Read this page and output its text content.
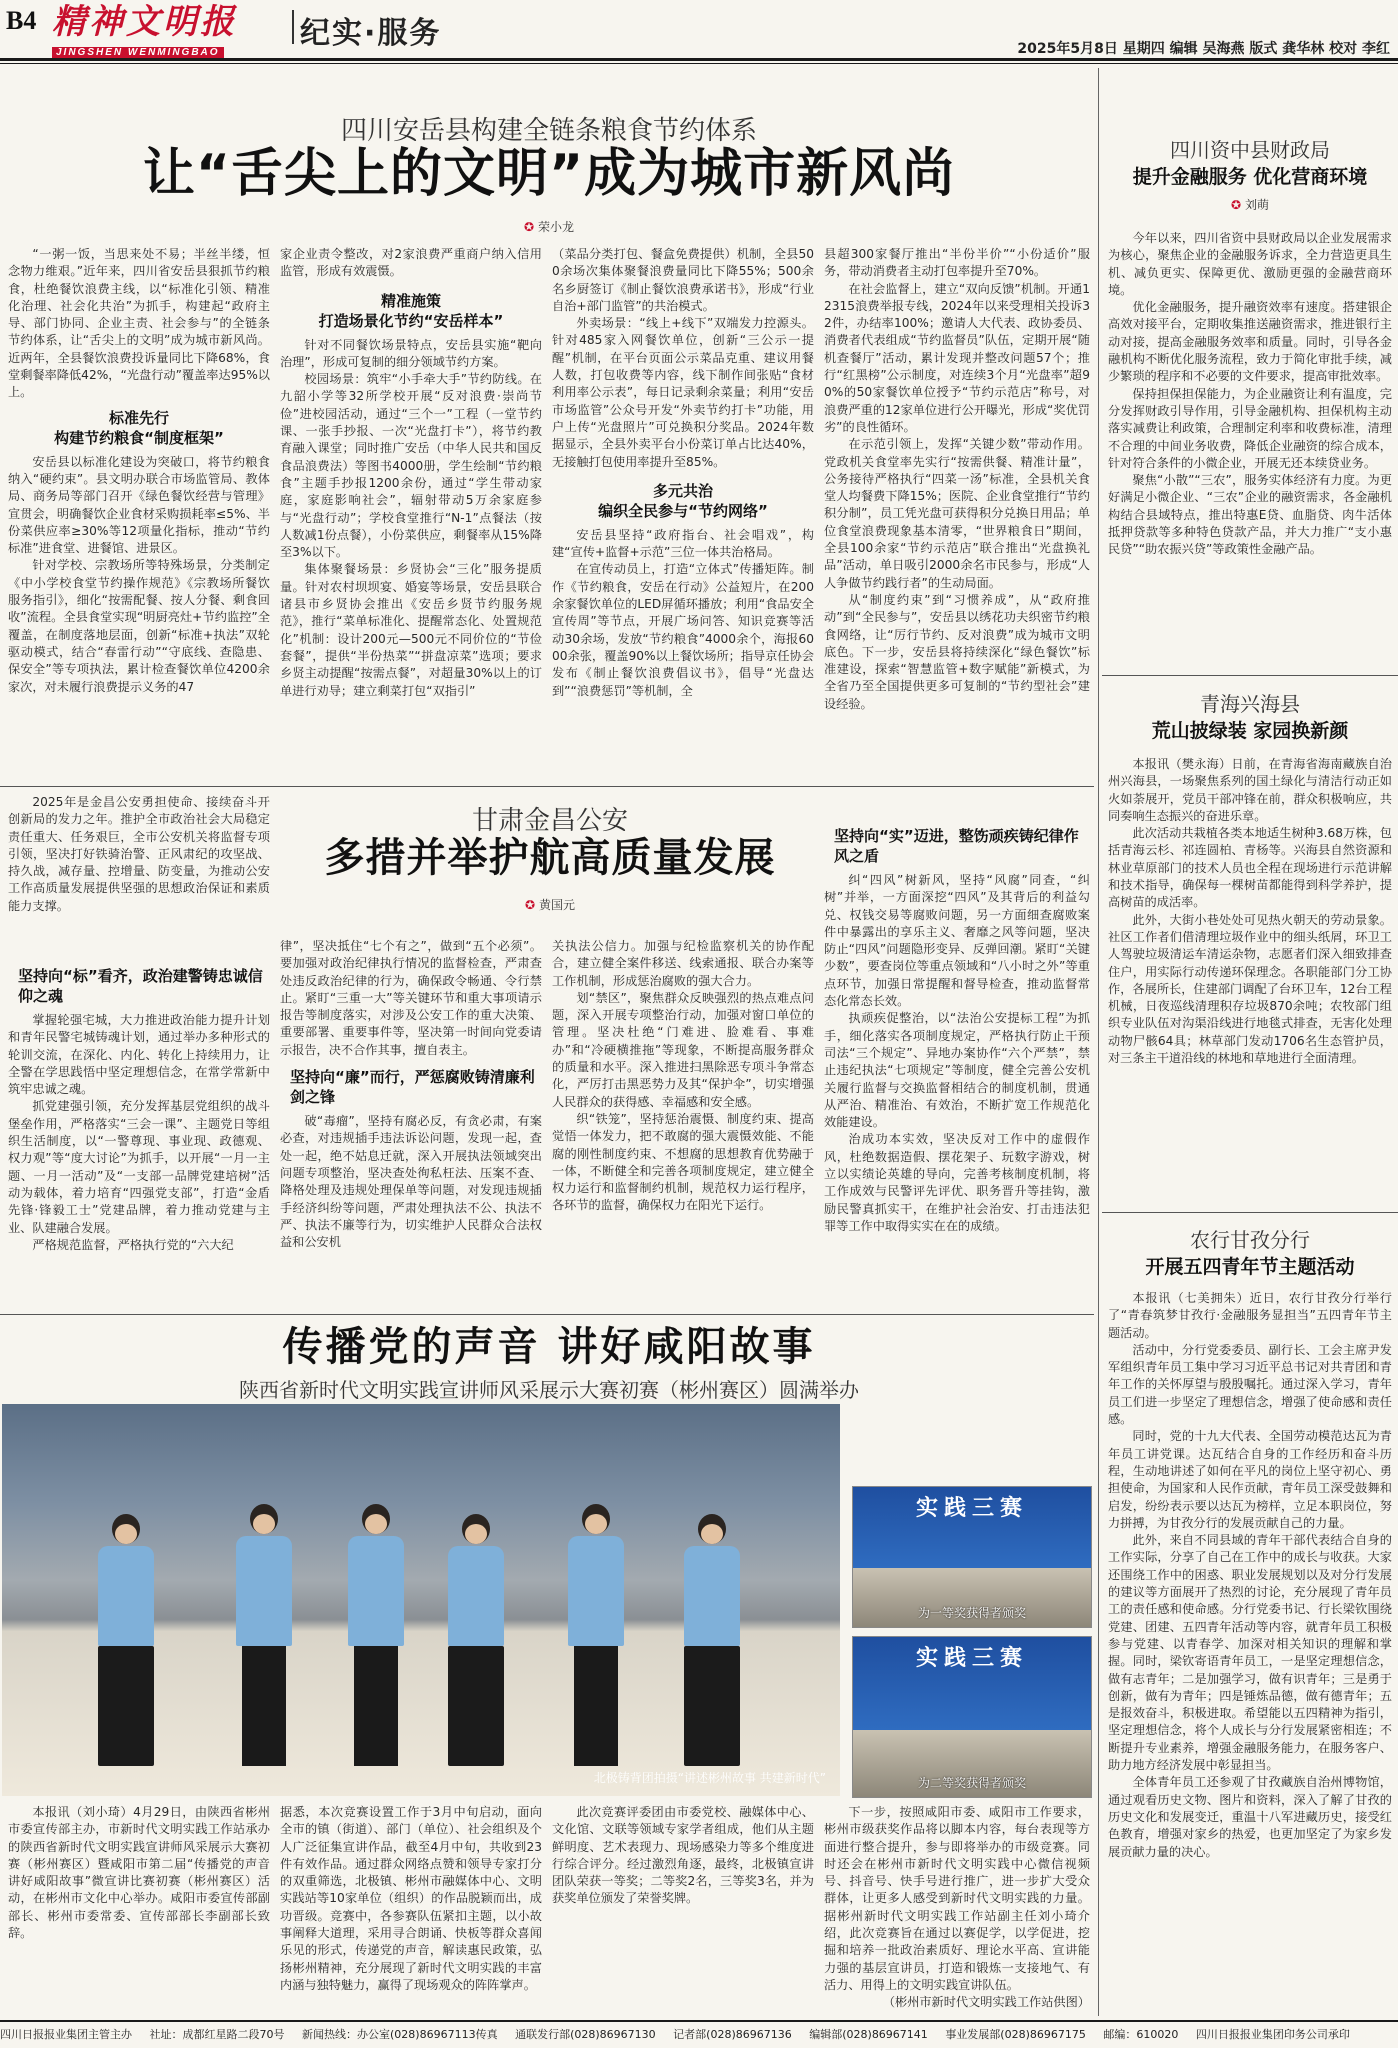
B4 精神文明报
JINGSHEN WENMINGBAO
纪实·服务	2025年5月8日 星期四 编辑 吴海燕 版式 龚华林 校对 李红
四川安岳县构建全链条粮食节约体系
让“舌尖上的文明”成为城市新风尚
✪ 荣小龙

“一粥一饭，当思来处不易；半丝半缕，恒念物力维艰。”近年来，四川省安岳县狠抓节约粮食，杜绝餐饮浪费主线，以“标准化引领、精准化治理、社会化共治”为抓手，构建起“政府主导、部门协同、企业主责、社会参与”的全链条节约体系，让“舌尖上的文明”成为城市新风尚。近两年，全县餐饮浪费投诉量同比下降68%，食堂剩餐率降低42%，“光盘行动”覆盖率达95%以上。

标准先行
构建节约粮食“制度框架”

安岳县以标准化建设为突破口，将节约粮食纳入“硬约束”。县文明办联合市场监管局、教体局、商务局等部门召开《绿色餐饮经营与管理》宣贯会，明确餐饮企业食材采购损耗率≤5%、半份菜供应率≥30%等12项量化指标，推动“节约标准”进食堂、进餐馆、进景区。

针对学校、宗教场所等特殊场景，分类制定《中小学校食堂节约操作规范》《宗教场所餐饮服务指引》，细化“按需配餐、按人分餐、剩食回收”流程。全县食堂实现“明厨亮灶+节约监控”全覆盖，在制度落地层面，创新“标准+执法”双轮驱动模式，结合“春雷行动”“守底线、查隐患、保安全”等专项执法，累计检查餐饮单位4200余家次，对未履行浪费提示义务的47

家企业责令整改，对2家浪费严重商户纳入信用监管，形成有效震慑。

精准施策
打造场景化节约“安岳样本”

针对不同餐饮场景特点，安岳县实施“靶向治理”，形成可复制的细分领域节约方案。

校园场景：筑牢“小手牵大手”节约防线。在九韶小学等32所学校开展“反对浪费·崇尚节俭”进校园活动，通过“三个一”工程（一堂节约课、一张手抄报、一次“光盘打卡”），将节约教育融入课堂；同时推广安岳（中华人民共和国反食品浪费法）等图书4000册，学生绘制“节约粮食”主题手抄报1200余份，通过“学生带动家庭，家庭影响社会”，辐射带动5万余家庭参与“光盘行动”；学校食堂推行“N-1”点餐法（按人数减1份点餐），小份菜供应，剩餐率从15%降至3%以下。

集体聚餐场景：乡贤协会“三化”服务提质量。针对农村坝坝宴、婚宴等场景，安岳县联合诸县市乡贤协会推出《安岳乡贤节约服务规范》，推行“菜单标准化、提醒常态化、处置规范化”机制：设计200元—500元不同价位的“节俭套餐”，提供“半份热菜”“拼盘凉菜”选项；要求乡贤主动提醒“按需点餐”，对超量30%以上的订单进行劝导；建立剩菜打包“双指引”

（菜品分类打包、餐盒免费提供）机制，全县500余场次集体聚餐浪费量同比下降55%；500余名乡厨签订《制止餐饮浪费承诺书》，形成“行业自治+部门监管”的共治模式。

外卖场景：“线上+线下”双端发力控源头。针对485家入网餐饮单位，创新“三公示一提醒”机制，在平台页面公示菜品克重、建议用餐人数，打包收费等内容，线下制作间张贴“食材利用率公示表”，每日记录剩余菜量；利用“安岳市场监管”公众号开发“外卖节约打卡”功能，用户上传“光盘照片”可兑换积分奖品。2024年数据显示，全县外卖平台小份菜订单占比达40%，无接触打包使用率提升至85%。

多元共治
编织全民参与“节约网络”

安岳县坚持“政府指台、社会唱戏”，构建“宣传+监督+示范”三位一体共治格局。

在宣传动员上，打造“立体式”传播矩阵。制作《节约粮食，安岳在行动》公益短片，在200余家餐饮单位的LED屏循环播放；利用“食品安全宣传周”等节点，开展广场问答、知识竞赛等活动30余场，发放“节约粮食”4000余个，海报6000余张，覆盖90%以上餐饮场所；指导京任协会发布《制止餐饮浪费倡议书》，倡导“光盘达到”“浪费惩罚”等机制，全

县超300家餐厅推出“半份半价”“小份适价”服务，带动消费者主动打包率提升至70%。

在社会监督上，建立“双向反馈”机制。开通12315浪费举报专线，2024年以来受理相关投诉32件，办结率100%；邀请人大代表、政协委员、消费者代表组成“节约监督员”队伍，定期开展“随机查餐厅”活动，累计发现并整改问题57个；推行“红黑榜”公示制度，对连续3个月“光盘率”超90%的50家餐饮单位授予“节约示范店”称号，对浪费严重的12家单位进行公开曝光，形成“奖优罚劣”的良性循环。

在示范引领上，发挥“关键少数”带动作用。党政机关食堂率先实行“按需供餐、精准计量”，公务接待严格执行“四菜一汤”标准，全县机关食堂人均餐费下降15%；医院、企业食堂推行“节约积分制”，员工凭光盘可获得积分兑换日用品；单位食堂浪费现象基本清零，“世界粮食日”期间，全县100余家“节约示范店”联合推出“光盘换礼品”活动，单日吸引2000余名市民参与，形成“人人争做节约践行者”的生动局面。

从“制度约束”到“习惯养成”，从“政府推动”到“全民参与”，安岳县以绣花功夫织密节约粮食网络，让“厉行节约、反对浪费”成为城市文明底色。下一步，安岳县将持续深化“绿色餐饮”标准建设，探索“智慧监管+数字赋能”新模式，为全省乃至全国提供更多可复制的“节约型社会”建设经验。

四川资中县财政局
提升金融服务 优化营商环境
✪ 刘萌

今年以来，四川省资中县财政局以企业发展需求为核心，聚焦企业的金融服务诉求，全力营造更具生机、减负更实、保障更优、激励更强的金融营商环境。

优化金融服务，提升融资效率有速度。搭建银企高效对接平台，定期收集推送融资需求，推进银行主动对接，提高金融服务效率和质量。同时，引导各金融机构不断优化服务流程，致力于简化审批手续，减少繁琐的程序和不必要的文件要求，提高审批效率。

保持担保担保能力，为企业融资让利有温度，完分发挥财政引导作用，引导金融机构、担保机构主动落实减费让利政策，合理制定利率和收费标准，清理不合理的中间业务收费，降低企业融资的综合成本，针对符合条件的小微企业，开展无还本续贷业务。

聚焦“小散”“三农”，服务实体经济有力度。为更好满足小微企业、“三农”企业的融资需求，各金融机构结合县域特点，推出特惠E贷、血脂贷、肉牛活体抵押贷款等多种特色贷款产品，并大力推广“支小惠民贷”“助农振兴贷”等政策性金融产品。

青海兴海县
荒山披绿装 家园换新颜

本报讯（樊永海）日前，在青海省海南藏族自治州兴海县，一场聚焦系列的国土绿化与清洁行动正如火如荼展开，党员干部冲锋在前，群众积极响应，共同奏响生态振兴的奋进乐章。

此次活动共栽植各类本地适生树种3.68万株，包括青海云杉、祁连圆柏、青杨等。兴海县自然资源和林业草原部门的技术人员也全程在现场进行示范讲解和技术指导，确保每一棵树苗都能得到科学养护，提高树苗的成活率。

此外，大街小巷处处可见热火朝天的劳动景象。社区工作者们借清理垃圾作业中的细头纸屑，环卫工人驾驶垃圾清运车清运杂物，志愿者们深入细致排查住户，用实际行动传递环保理念。各职能部门分工协作，各展所长，住建部门调配了台环卫车，12台工程机械，日夜巡线清理积存垃圾870余吨；农牧部门组织专业队伍对沟渠沿线进行地毯式排查，无害化处理动物尸骸64具；林草部门发动1706名生态管护员，对三条主干道沿线的林地和草地进行全面清理。

农行甘孜分行
开展五四青年节主题活动

本报讯（七美拥朱）近日，农行甘孜分行举行了“青春筑梦甘孜行·金融服务显担当”五四青年节主题活动。

活动中，分行党委委员、副行长、工会主席尹发军组织青年员工集中学习习近平总书记对共青团和青年工作的关怀厚望与殷殷嘱托。通过深入学习，青年员工们进一步坚定了理想信念，增强了使命感和责任感。

同时，党的十九大代表、全国劳动模范达瓦为青年员工讲党课。达瓦结合自身的工作经历和奋斗历程，生动地讲述了如何在平凡的岗位上坚守初心、勇担使命，为国家和人民作贡献，青年员工深受鼓舞和启发，纷纷表示要以达瓦为榜样，立足本职岗位，努力拼搏，为甘孜分行的发展贡献自己的力量。

此外，来自不同县域的青年干部代表结合自身的工作实际，分享了自己在工作中的成长与收获。大家还围绕工作中的困惑、职业发展规划以及对分行发展的建议等方面展开了热烈的讨论，充分展现了青年员工的责任感和使命感。分行党委书记、行长梁钦围绕党建、团建、五四青年活动等内容，就青年员工积极参与党建、以青春学、加深对相关知识的理解和掌握。同时，梁钦寄语青年员工，一是坚定理想信念，做有志青年；二是加强学习，做有识青年；三是勇于创新，做有为青年；四是锤炼品德，做有德青年；五是报效奋斗，积极进取。希望能以五四精神为指引，坚定理想信念，将个人成长与分行发展紧密相连；不断提升专业素养，增强金融服务能力，在服务客户、助力地方经济发展中彰显担当。

全体青年员工还参观了甘孜藏族自治州博物馆，通过观看历史文物、图片和资料，深入了解了甘孜的历史文化和发展变迁，重温十八军进藏历史，接受红色教育，增强对家乡的热爱，也更加坚定了为家乡发展贡献力量的决心。

2025年是金昌公安勇担使命、接续奋斗开创新局的发力之年。推护全市政治社会大局稳定责任重大、任务艰巨，全市公安机关将监督专项引领，坚决打好铁骑治警、正风肃纪的攻坚战、持久战，减存量、控增量、防变量，为推动公安工作高质量发展提供坚强的思想政治保证和素质能力支撑。

甘肃金昌公安
多措并举护航高质量发展
✪ 黄国元
坚持向“标”看齐，政治建警铸忠诚信仰之魂

掌握轮强宅城，大力推进政治能力提升计划和青年民警宅城铸魂计划，通过举办多种形式的轮训交流，在深化、内化、转化上持续用力，让全警在学思践悟中坚定理想信念，在常学常新中筑牢忠诚之魂。

抓党建强引领，充分发挥基层党组织的战斗堡垒作用，严格落实“三会一课”、主题党日等组织生活制度，以“一警尊现、事业现、政德观、权力观”等“度大讨论”为抓手，以开展“一月一主题、一月一活动”及“一支部一品牌党建培树”活动为载体，着力培育“四强党支部”，打造“金盾先锋·锋毅工士”党建品牌，着力推动党建与主业、队建融合发展。

严格规范监督，严格执行党的“六大纪

律”，坚决抵住“七个有之”，做到“五个必须”。要加强对政治纪律执行情况的监督检查，严肃查处违反政治纪律的行为，确保政令畅通、令行禁止。紧盯“三重一大”等关键环节和重大事项请示报告等制度落实，对涉及公安工作的重大决策、重要部署、重要事件等，坚决第一时间向党委请示报告，决不合作其事，擅自表主。

坚持向“廉”而行，严惩腐败铸清廉利剑之锋

破“毒瘤”，坚持有腐必反，有贪必肃，有案必查，对违规插手违法诉讼问题，发现一起，查处一起，绝不姑息迁就，深入开展执法领域突出问题专项整治，坚决查处徇私枉法、压案不查、降格处理及违规处理保单等问题，对发现违规插手经济纠纷等问题，严肃处理执法不公、执法不严、执法不廉等行为，切实维护人民群众合法权益和公安机

关执法公信力。加强与纪检监察机关的协作配合，建立健全案件移送、线索通报、联合办案等工作机制，形成惩治腐败的强大合力。

划“禁区”，聚焦群众反映强烈的热点难点问题，深入开展专项整治行动，加强对窗口单位的管理。坚决杜绝“门难进、脸难看、事难办”和“冷硬横推拖”等现象，不断提高服务群众的质量和水平。深入推进扫黑除恶专项斗争常态化，严厉打击黑恶势力及其“保护伞”，切实增强人民群众的获得感、幸福感和安全感。

织“铁笼”，坚持惩治震慑、制度约束、提高觉悟一体发力，把不敢腐的强大震慑效能、不能腐的刚性制度约束、不想腐的思想教育优势融于一体，不断健全和完善各项制度规定，建立健全权力运行和监督制约机制，规范权力运行程序，各环节的监督，确保权力在阳光下运行。

坚持向“实”迈进，整饬顽疾铸纪律作风之盾

纠“四风”树新风，坚持“风腐”同查，“纠树”并举，一方面深挖“四风”及其背后的利益勾兑、权钱交易等腐败问题，另一方面细查腐败案件中暴露出的享乐主义、奢靡之风等问题，坚决防止“四风”问题隐形变异、反弹回潮。紧盯“关键少数”，要查岗位等重点领域和“八小时之外”等重点环节，加强日常提醒和督导检查，推动监督常态化常态长效。

执顽疾促整治，以“法治公安提标工程”为抓手，细化落实各项制度规定，严格执行防止干预司法“三个规定”、异地办案协作“六个严禁”，禁止违纪执法“七项规定”等制度，健全完善公安机关履行监督与交换监督相结合的制度机制，贯通从严治、精准治、有效治，不断扩宽工作规范化效能建设。

治成功本实效，坚决反对工作中的虚假作风，杜绝数据造假、摆花架子、玩数字游戏，树立以实绩论英雄的导向，完善考核制度机制，将工作成效与民警评先评优、职务晋升等挂钩，激励民警真抓实干，在维护社会治安、打击违法犯罪等工作中取得实实在在的成绩。

传播党的声音 讲好咸阳故事
陕西省新时代文明实践宣讲师风采展示大赛初赛（彬州赛区）圆满举办
北极铸背团拍摄“讲述彬州故事 共建新时代”
实践三赛
为一等奖获得者颁奖
实践三赛
为二等奖获得者颁奖

本报讯（刘小琦）4月29日，由陕西省彬州市委宣传部主办，市新时代文明实践工作站承办的陕西省新时代文明实践宣讲师风采展示大赛初赛（彬州赛区）暨咸阳市第二届“传播党的声音 讲好咸阳故事”微宣讲比赛初赛（彬州赛区）活动，在彬州市文化中心举办。咸阳市委宣传部副部长、彬州市委常委、宣传部部长李副部长致辞。

据悉，本次竞赛设置工作于3月中旬启动，面向全市的镇（街道）、部门（单位）、社会组织及个人广泛征集宣讲作品，截至4月中旬，共收到23件有效作品。通过群众网络点赞和领导专家打分的双重筛选，北极镇、彬州市融媒体中心、文明实践站等10家单位（组织）的作品脱颖而出，成功晋级。竞赛中，各参赛队伍紧扣主题，以小故事阐释大道理，采用寻合朗诵、快板等群众喜闻乐见的形式，传递党的声音，解读惠民政策，弘扬彬州精神，充分展现了新时代文明实践的丰富内涵与独特魅力，赢得了现场观众的阵阵掌声。

此次竞赛评委团由市委党校、融媒体中心、文化馆、文联等领域专家学者组成，他们从主题鲜明度、艺术表现力、现场感染力等多个维度进行综合评分。经过激烈角逐，最终，北极镇宣讲团队荣获一等奖；二等奖2名，三等奖3名，并为获奖单位颁发了荣誉奖牌。

下一步，按照咸阳市委、咸阳市工作要求，彬州市级获奖作品将以脚本内容，每台表现等方面进行整合提升，参与即将举办的市级竞赛。同时还会在彬州市新时代文明实践中心微信视频号、抖音号、快手号进行推广，进一步扩大受众群体，让更多人感受到新时代文明实践的力量。据彬州新时代文明实践工作站副主任刘小琦介绍，此次竞赛旨在通过以赛促学，以学促进，挖掘和培养一批政治素质好、理论水平高、宣讲能力强的基层宣讲员，打造和锻炼一支接地气、有活力、用得上的文明实践宣讲队伍。

（彬州市新时代文明实践工作站供图）

四川日报报业集团主管主办 社址：成都红星路二段70号 新闻热线：办公室(028)86967113传真 通联发行部(028)86967130 记者部(028)86967136 编辑部(028)86967141 事业发展部(028)86967175 邮编：610020 四川日报报业集团印务公司承印
